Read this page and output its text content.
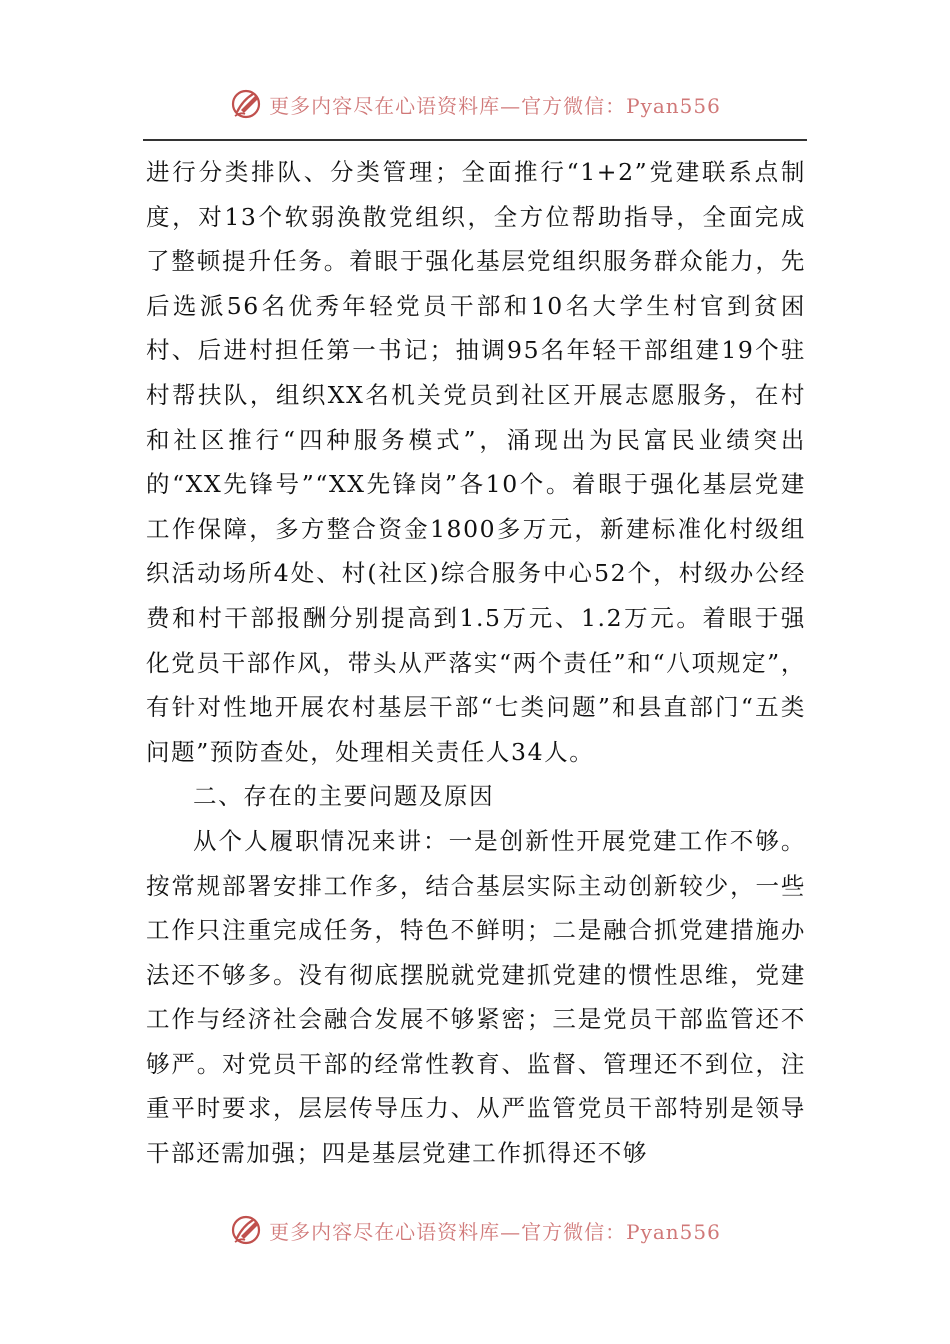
更多内容尽在心语资料库—官方微信：Pyan556

进行分类排队、分类管理；全面推行“1+2”党建联系点制度，对13个软弱涣散党组织，全方位帮助指导，全面完成了整顿提升任务。着眼于强化基层党组织服务群众能力，先后选派56名优秀年轻党员干部和10名大学生村官到贫困村、后进村担任第一书记；抽调95名年轻干部组建19个驻村帮扶队，组织XX名机关党员到社区开展志愿服务，在村和社区推行“四种服务模式”，涌现出为民富民业绩突出的“XX先锋号”“XX先锋岗”各10个。着眼于强化基层党建工作保障，多方整合资金1800多万元，新建标准化村级组织活动场所4处、村(社区)综合服务中心52个，村级办公经费和村干部报酬分别提高到1.5万元、1.2万元。着眼于强化党员干部作风，带头从严落实“两个责任”和“八项规定”，有针对性地开展农村基层干部“七类问题”和县直部门“五类问题”预防查处，处理相关责任人34人。

二、存在的主要问题及原因

从个人履职情况来讲：一是创新性开展党建工作不够。按常规部署安排工作多，结合基层实际主动创新较少，一些工作只注重完成任务，特色不鲜明；二是融合抓党建措施办法还不够多。没有彻底摆脱就党建抓党建的惯性思维，党建工作与经济社会融合发展不够紧密；三是党员干部监管还不够严。对党员干部的经常性教育、监督、管理还不到位，注重平时要求，层层传导压力、从严监管党员干部特别是领导干部还需加强；四是基层党建工作抓得还不够

更多内容尽在心语资料库—官方微信：Pyan556
